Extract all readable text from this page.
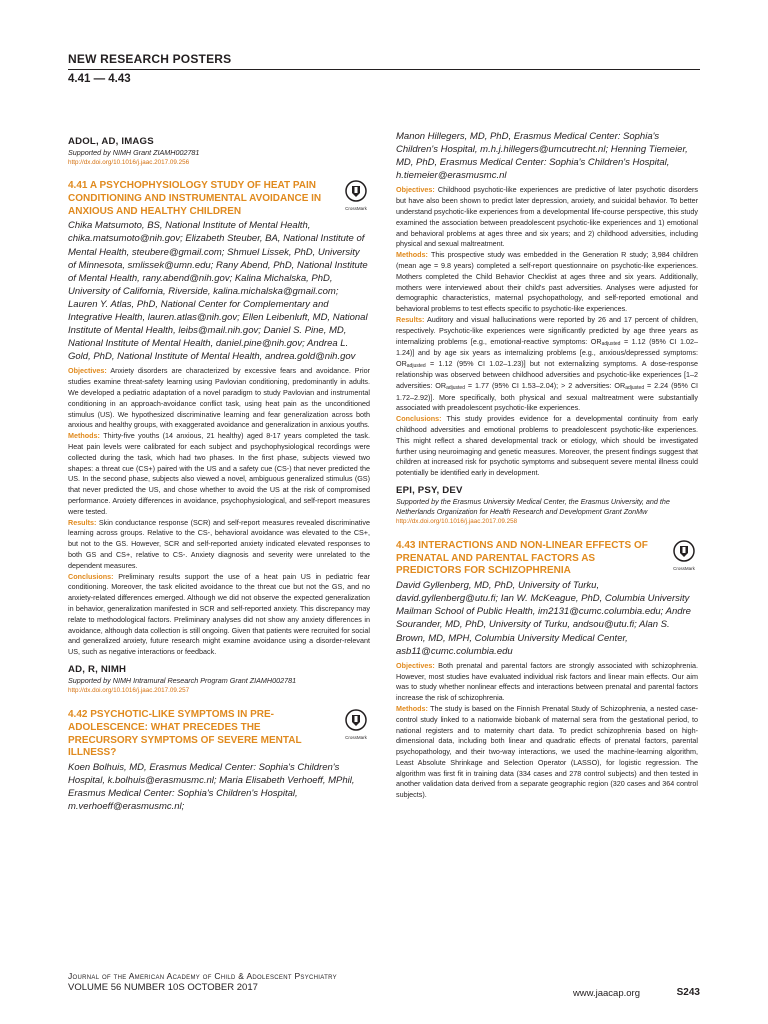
NEW RESEARCH POSTERS
4.41 — 4.43
ADOL, AD, IMAGS
Supported by NIMH Grant ZIAMH002781
http://dx.doi.org/10.1016/j.jaac.2017.09.256
CrossMark
4.41 A PSYCHOPHYSIOLOGY STUDY OF HEAT PAIN CONDITIONING AND INSTRUMENTAL AVOIDANCE IN ANXIOUS AND HEALTHY CHILDREN
Chika Matsumoto, BS, National Institute of Mental Health, chika.matsumoto@nih.gov; Elizabeth Steuber, BA, National Institute of Mental Health, steubere@gmail.com; Shmuel Lissek, PhD, University of Minnesota, smlissek@umn.edu; Rany Abend, PhD, National Institute of Mental Health, rany.abend@nih.gov; Kalina Michalska, PhD, University of California, Riverside, kalina.michalska@gmail.com; Lauren Y. Atlas, PhD, National Center for Complementary and Integrative Health, lauren.atlas@nih.gov; Ellen Leibenluft, MD, National Institute of Mental Health, leibs@mail.nih.gov; Daniel S. Pine, MD, National Institute of Mental Health, daniel.pine@nih.gov; Andrea L. Gold, PhD, National Institute of Mental Health, andrea.gold@nih.gov

Objectives: Anxiety disorders are characterized by excessive fears and avoidance. Prior studies examine threat-safety learning using Pavlovian conditioning, predominantly in adults. We developed a pediatric adaptation of a novel paradigm to study Pavlovian and instrumental conditioning in an approach-avoidance conflict task, using heat pain as the unconditioned stimulus (US). We hypothesized discriminative learning and fear generalization across both anxious and healthy groups, with exaggerated avoidance and generalization in anxious youths.

Methods: Thirty-five youths (14 anxious, 21 healthy) aged 8-17 years completed the task. Heat pain levels were calibrated for each subject and psychophysiological recordings were collected during the task, which had two phases. In the first phase, subjects viewed two shapes: a threat cue (CS+) paired with the US and a safety cue (CS-) that never predicted the US. In the second phase, subjects also viewed a novel, ambiguous generalized stimulus (GS) that never predicted the US, and chose whether to avoid the US at the risk of compromised performance. Anxiety differences in avoidance, psychophysiological, and self-report measures were tested.

Results: Skin conductance response (SCR) and self-report measures revealed discriminative learning across groups. Relative to the CS-, behavioral avoidance was elevated to the CS+, but not to the GS. However, SCR and self-reported anxiety indicated elevated responses to both GS and CS+, relative to CS-. Anxiety diagnosis and severity were unrelated to the dependent measures.

Conclusions: Preliminary results support the use of a heat pain US in pediatric fear conditioning. Moreover, the task elicited avoidance to the threat cue but not the GS, and no anxiety-related differences emerged. Although we did not observe the expected generalization in behavior, generalization manifested in SCR and self-reported anxiety. This discrepancy may relate to methodological factors. Preliminary analyses did not show any anxiety differences in avoidance, although data collection is still ongoing. Given that patients were recruited for social and generalized anxiety, future research might examine avoidance using a disorder-relevant US, such as negative interactions or feedback.

AD, R, NIMH
Supported by NIMH Intramural Research Program Grant ZIAMH002781
http://dx.doi.org/10.1016/j.jaac.2017.09.257
CrossMark
4.42 PSYCHOTIC-LIKE SYMPTOMS IN PRE-ADOLESCENCE: WHAT PRECEDES THE PRECURSORY SYMPTOMS OF SEVERE MENTAL ILLNESS?
Koen Bolhuis, MD, Erasmus Medical Center: Sophia's Children's Hospital, k.bolhuis@erasmusmc.nl; Maria Elisabeth Verhoeff, MPhil, Erasmus Medical Center: Sophia's Children's Hospital, m.verhoeff@erasmusmc.nl;
Manon Hillegers, MD, PhD, Erasmus Medical Center: Sophia's Children's Hospital, m.h.j.hillegers@umcutrecht.nl; Henning Tiemeier, MD, PhD, Erasmus Medical Center: Sophia's Children's Hospital, h.tiemeier@erasmusmc.nl

Objectives: Childhood psychotic-like experiences are predictive of later psychotic disorders but have also been shown to predict later depression, anxiety, and suicidal behavior. To better understand psychotic-like experiences from a developmental life-course perspective, this study examined the association between preadolescent psychotic-like experiences and 1) emotional and behavioral problems at ages three and six years; and 2) childhood adversities, including physical and sexual maltreatment.

Methods: This prospective study was embedded in the Generation R study; 3,984 children (mean age = 9.8 years) completed a self-report questionnaire on psychotic-like experiences. Mothers completed the Child Behavior Checklist at ages three and six years. Additionally, mothers were interviewed about their child's past adversities. Analyses were adjusted for demographic characteristics, maternal psychopathology, and self-reported emotional and behavioral problems to test effects specific to psychotic-like experiences.

Results: Auditory and visual hallucinations were reported by 26 and 17 percent of children, respectively. Psychotic-like experiences were significantly predicted by age three years as internalizing problems [e.g., emotional-reactive symptoms: $OR_{adjusted} = 1.12$ (95% CI 1.02–1.24)] and by age six years as internalizing problems [e.g., anxious/depressed symptoms: $OR_{adjusted} = 1.12$ (95% CI 1.02–1.23)] but not externalizing symptoms. A dose-response relationship was observed between childhood adversities and psychotic-like experiences [1–2 adversities: $OR_{adjusted} = 1.77$ (95% CI 1.53–2.04); > 2 adversities: $OR_{adjusted} = 2.24$ (95% CI 1.72–2.92)]. More specifically, both physical and sexual maltreatment were substantially associated with preadolescent psychotic-like experiences.

Conclusions: This study provides evidence for a developmental continuity from early childhood adversities and emotional problems to preadolescent psychotic-like experiences. This might reflect a shared developmental track or etiology, which should be investigated further using neuroimaging and genetic measures. Moreover, the present findings suggest that children at increased risk for psychotic symptoms and subsequent severe mental illness could potentially be identified early in development.

EPI, PSY, DEV
Supported by the Erasmus University Medical Center, the Erasmus University, and the Netherlands Organization for Health Research and Development Grant ZonMw
http://dx.doi.org/10.1016/j.jaac.2017.09.258
CrossMark
4.43 INTERACTIONS AND NON-LINEAR EFFECTS OF PRENATAL AND PARENTAL FACTORS AS PREDICTORS FOR SCHIZOPHRENIA
David Gyllenberg, MD, PhD, University of Turku, david.gyllenberg@utu.fi; Ian W. McKeague, PhD, Columbia University Mailman School of Public Health, im2131@cumc.columbia.edu; Andre Sourander, MD, PhD, University of Turku, andsou@utu.fi; Alan S. Brown, MD, MPH, Columbia University Medical Center, asb11@cumc.columbia.edu

Objectives: Both prenatal and parental factors are strongly associated with schizophrenia. However, most studies have evaluated individual risk factors and linear main effects. Our aim was to study whether nonlinear effects and interactions between prenatal and parental factors increase the risk of schizophrenia.

Methods: The study is based on the Finnish Prenatal Study of Schizophrenia, a nested case-control study linked to a nationwide biobank of maternal sera from the gestational period, to national registers and to maternity chart data. To predict schizophrenia based on high-dimensional data, including both linear and quadratic effects of prenatal factors, parental psychopathology, and their two-way interactions, we used the machine-learning algorithm, Least Absolute Shrinkage and Selection Operator (LASSO), for logistic regression. The algorithm was first fit in training data (334 cases and 278 control subjects) and then tested in another validation data derived from a separate geographic region (320 cases and 364 control subjects).

Journal of the American Academy of Child & Adolescent Psychiatry
VOLUME 56 NUMBER 10S OCTOBER 2017
www.jaacap.org	S243
